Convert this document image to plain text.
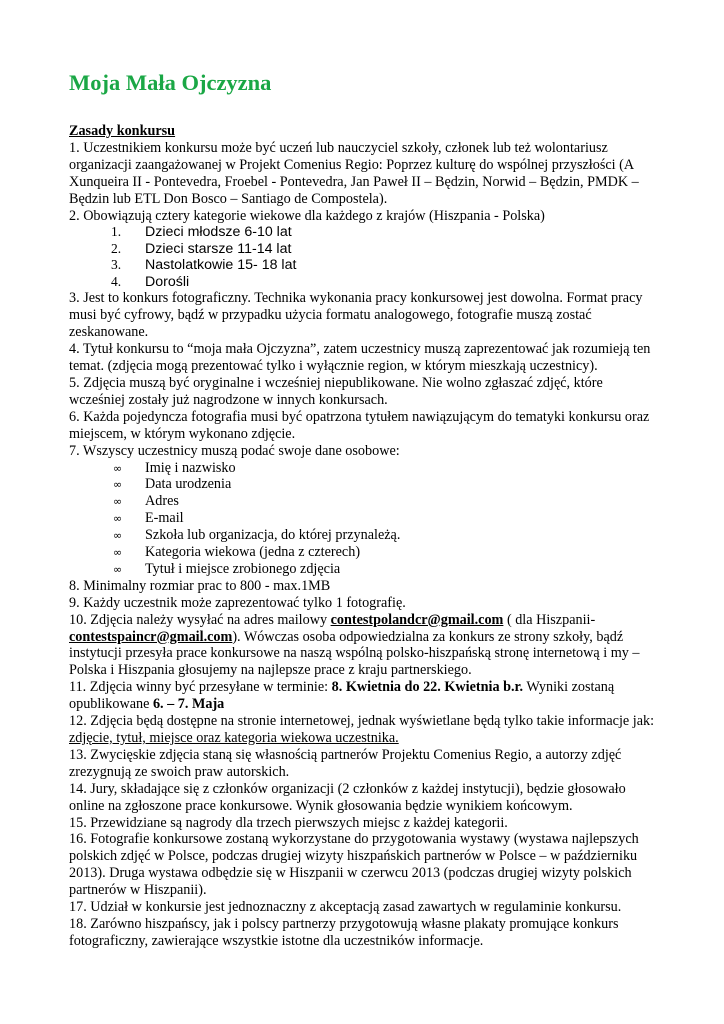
Moja Mała Ojczyzna

Zasady konkursu

1. Uczestnikiem konkursu może być uczeń lub nauczyciel szkoły, członek lub też wolontariusz organizacji zaangażowanej w Projekt Comenius Regio: Poprzez kulturę do wspólnej przyszłości (A Xunqueira II - Pontevedra, Froebel - Pontevedra, Jan Paweł II – Będzin, Norwid – Będzin, PMDK – Będzin lub ETL Don Bosco – Santiago de Compostela).

2. Obowiązują cztery kategorie wiekowe dla każdego z krajów (Hiszpania - Polska)

1. Dzieci młodsze 6-10 lat
2. Dzieci starsze 11-14 lat
3. Nastolatkowie 15- 18 lat
4. Dorośli

3. Jest to konkurs fotograficzny. Technika wykonania pracy konkursowej jest dowolna. Format pracy musi być cyfrowy, bądź w przypadku użycia formatu analogowego, fotografie muszą zostać zeskanowane.

4. Tytuł konkursu to “moja mała Ojczyzna”, zatem uczestnicy muszą zaprezentować jak rozumieją ten temat. (zdjęcia mogą prezentować tylko i wyłącznie region, w którym mieszkają uczestnicy).

5. Zdjęcia muszą być oryginalne i wcześniej niepublikowane. Nie wolno zgłaszać zdjęć, które wcześniej zostały już nagrodzone w innych konkursach.

6. Każda pojedyncza fotografia musi być opatrzona tytułem nawiązującym do tematyki konkursu oraz miejscem, w którym wykonano zdjęcie.

7. Wszyscy uczestnicy muszą podać swoje dane osobowe:

∞ Imię i nazwisko
∞ Data urodzenia
∞ Adres
∞ E-mail
∞ Szkoła lub organizacja, do której przynależą.
∞ Kategoria wiekowa (jedna z czterech)
∞ Tytuł i miejsce zrobionego zdjęcia

8. Minimalny rozmiar prac to 800 - max.1MB

9. Każdy uczestnik może zaprezentować tylko 1 fotografię.

10. Zdjęcia należy wysyłać na adres mailowy contestpolandcr@gmail.com ( dla Hiszpanii- contestspaincr@gmail.com). Wówczas osoba odpowiedzialna za konkurs ze strony szkoły, bądź instytucji przesyła prace konkursowe na naszą wspólną polsko-hiszpańską stronę internetową i my – Polska i Hiszpania głosujemy na najlepsze prace z kraju partnerskiego.

11. Zdjęcia winny być przesyłane w terminie: 8. Kwietnia do 22. Kwietnia b.r. Wyniki zostaną opublikowane 6. – 7. Maja

12. Zdjęcia będą dostępne na stronie internetowej, jednak wyświetlane będą tylko takie informacje jak: zdjęcie, tytuł, miejsce oraz kategoria wiekowa uczestnika.

13. Zwycięskie zdjęcia staną się własnością partnerów Projektu Comenius Regio, a autorzy zdjęć zrezygnują ze swoich praw autorskich.

14. Jury, składające się z członków organizacji (2 członków z każdej instytucji), będzie głosowało online na zgłoszone prace konkursowe. Wynik głosowania będzie wynikiem końcowym.

15. Przewidziane są nagrody dla trzech pierwszych miejsc z każdej kategorii.

16. Fotografie konkursowe zostaną wykorzystane do przygotowania wystawy (wystawa najlepszych polskich zdjęć w Polsce, podczas drugiej wizyty hiszpańskich partnerów w Polsce – w październiku 2013). Druga wystawa odbędzie się w Hiszpanii w czerwcu 2013 (podczas drugiej wizyty polskich partnerów w Hiszpanii).

17. Udział w konkursie jest jednoznaczny z akceptacją zasad zawartych w regulaminie konkursu.

18. Zarówno hiszpańscy, jak i polscy partnerzy przygotowują własne plakaty promujące konkurs fotograficzny, zawierające wszystkie istotne dla uczestników informacje.
